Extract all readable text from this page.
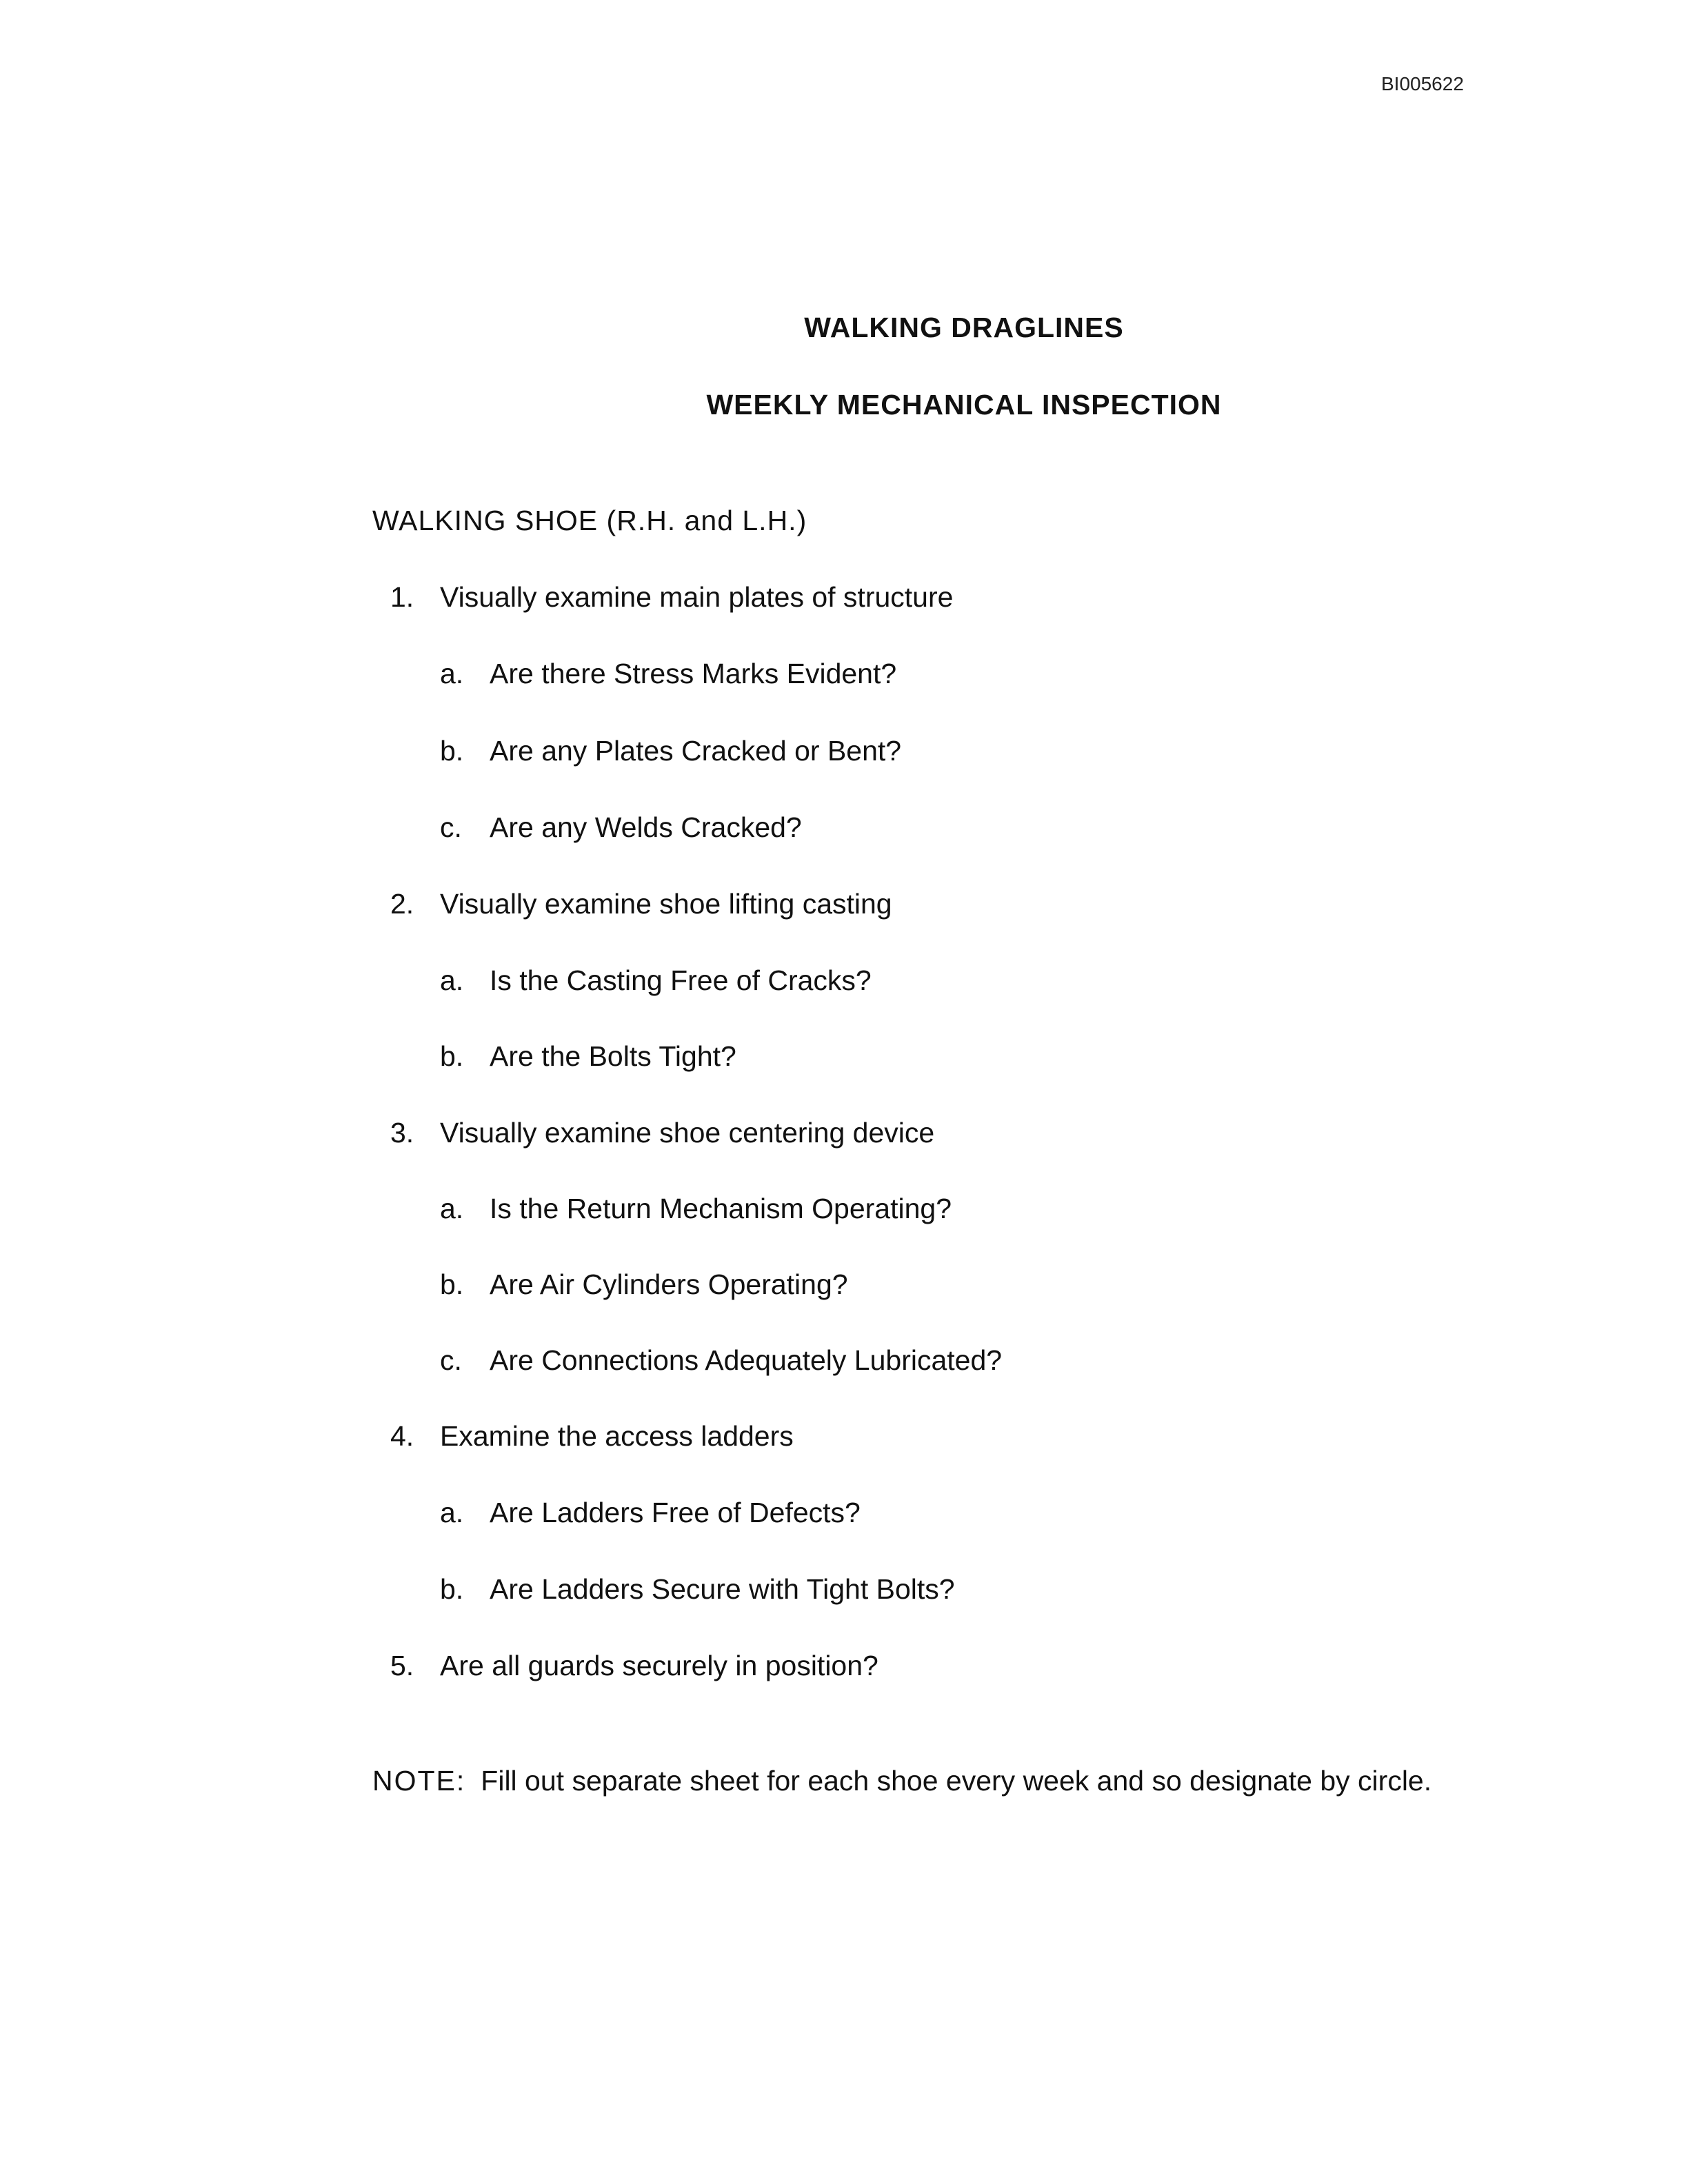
BI005622
WALKING DRAGLINES
WEEKLY MECHANICAL INSPECTION
WALKING SHOE (R.H. and L.H.)
1. Visually examine main plates of structure
a. Are there Stress Marks Evident?
b. Are any Plates Cracked or Bent?
c. Are any Welds Cracked?
2. Visually examine shoe lifting casting
a. Is the Casting Free of Cracks?
b. Are the Bolts Tight?
3. Visually examine shoe centering device
a. Is the Return Mechanism Operating?
b. Are Air Cylinders Operating?
c. Are Connections Adequately Lubricated?
4. Examine the access ladders
a. Are Ladders Free of Defects?
b. Are Ladders Secure with Tight Bolts?
5. Are all guards securely in position?
NOTE: Fill out separate sheet for each shoe every week and so designate by circle.
